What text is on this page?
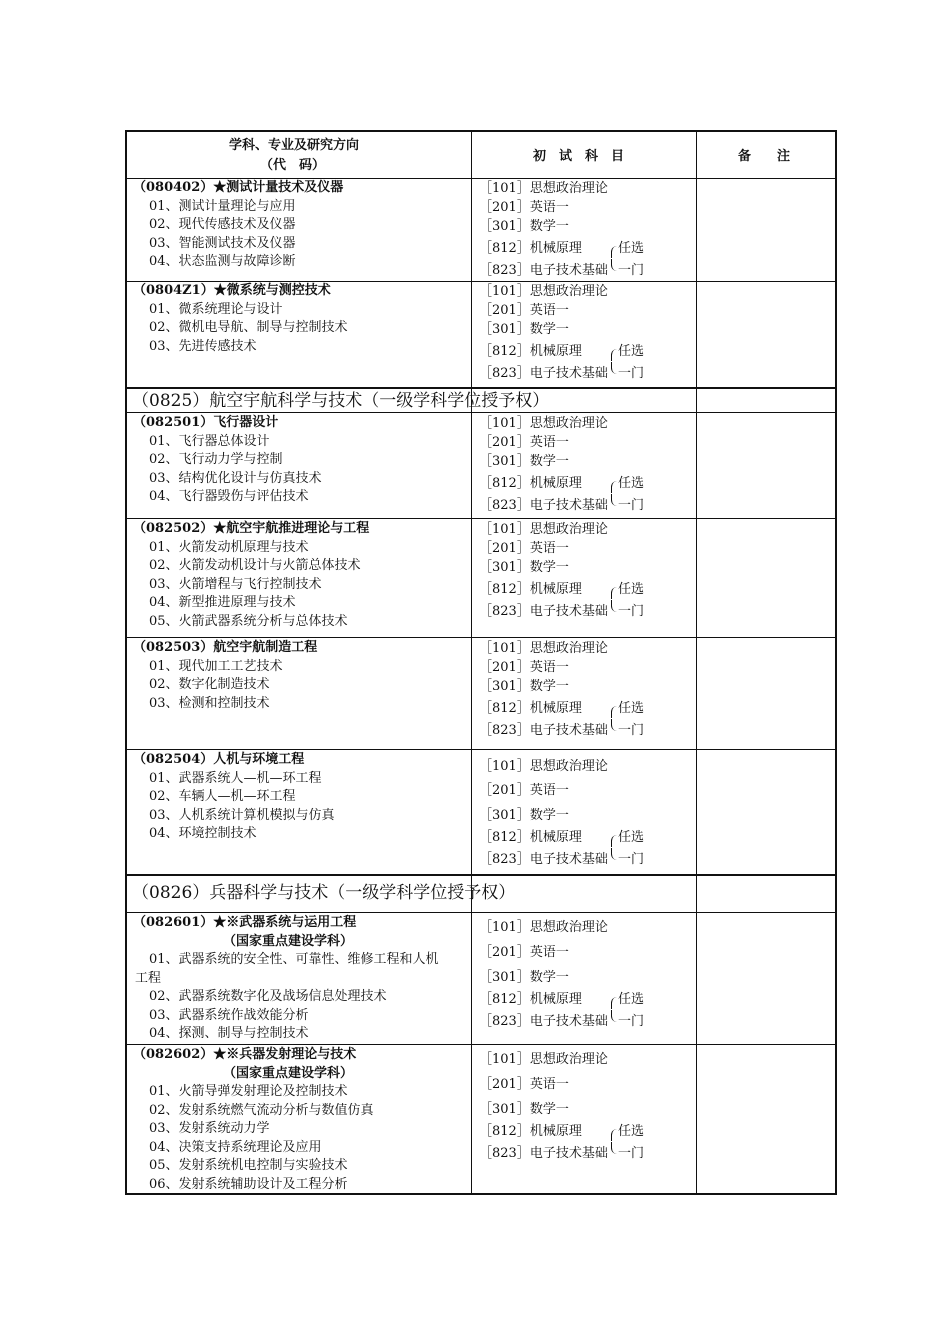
学科、专业及研究方向
（代　码）
初　试　科　目	备　　注
（0825）航空宇航科学与技术（一级学科学位授予权）
（0826）兵器科学与技术（一级学科学位授予权）
（080402）★测试计量技术及仪器
01、测试计量理论与应用
02、现代传感技术及仪器
03、智能测试技术及仪器
04、状态监测与故障诊断
［101］思想政治理论
［201］英语一
［301］数学一
［812］机械原理
［823］电子技术基础
任选
一门
（0804Z1）★微系统与测控技术
01、微系统理论与设计
02、微机电导航、制导与控制技术
03、先进传感技术
［101］思想政治理论
［201］英语一
［301］数学一
［812］机械原理
［823］电子技术基础
任选
一门
（082501）飞行器设计
01、飞行器总体设计
02、飞行动力学与控制
03、结构优化设计与仿真技术
04、飞行器毁伤与评估技术
［101］思想政治理论
［201］英语一
［301］数学一
［812］机械原理
［823］电子技术基础
任选
一门
（082502）★航空宇航推进理论与工程
01、火箭发动机原理与技术
02、火箭发动机设计与火箭总体技术
03、火箭增程与飞行控制技术
04、新型推进原理与技术
05、火箭武器系统分析与总体技术
［101］思想政治理论
［201］英语一
［301］数学一
［812］机械原理
［823］电子技术基础
任选
一门
（082503）航空宇航制造工程
01、现代加工工艺技术
02、数字化制造技术
03、检测和控制技术
［101］思想政治理论
［201］英语一
［301］数学一
［812］机械原理
［823］电子技术基础
任选
一门
（082504）人机与环境工程
01、武器系统人—机—环工程
02、车辆人—机—环工程
03、人机系统计算机模拟与仿真
04、环境控制技术
［101］思想政治理论
［201］英语一
［301］数学一
［812］机械原理
［823］电子技术基础
任选
一门
（082601）★※武器系统与运用工程
（国家重点建设学科）
01、武器系统的安全性、可靠性、维修工程和人机
工程
02、武器系统数字化及战场信息处理技术
03、武器系统作战效能分析
04、探测、制导与控制技术
［101］思想政治理论
［201］英语一
［301］数学一
［812］机械原理
［823］电子技术基础
任选
一门
（082602）★※兵器发射理论与技术
（国家重点建设学科）
01、火箭导弹发射理论及控制技术
02、发射系统燃气流动分析与数值仿真
03、发射系统动力学
04、决策支持系统理论及应用
05、发射系统机电控制与实验技术
06、发射系统辅助设计及工程分析
［101］思想政治理论
［201］英语一
［301］数学一
［812］机械原理
［823］电子技术基础
任选
一门
